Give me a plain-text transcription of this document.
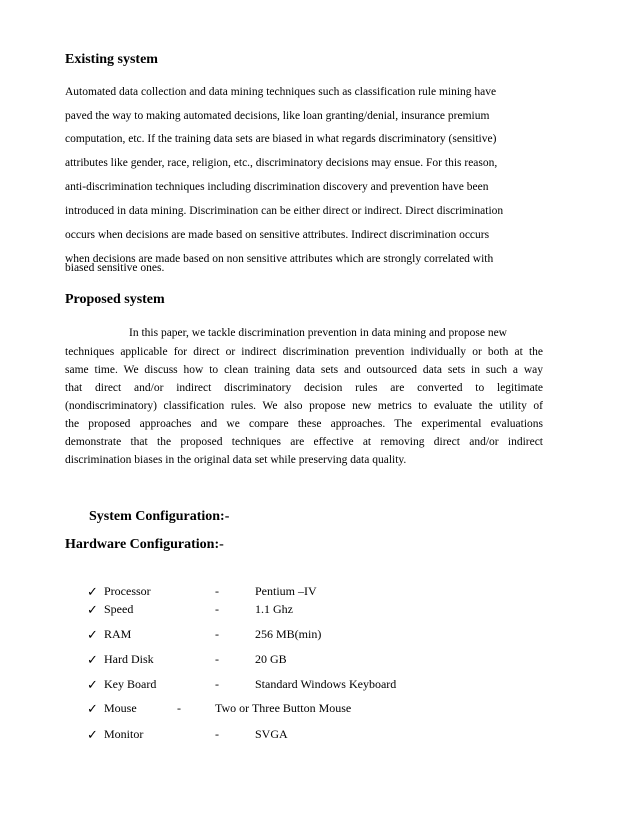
Existing system
Automated data collection and data mining techniques such as classification rule mining have
paved the way to making automated decisions, like loan granting/denial, insurance premium
computation, etc. If the training data sets are biased in what regards discriminatory (sensitive)
attributes like gender, race, religion, etc., discriminatory decisions may ensue. For this reason,
anti-discrimination techniques including discrimination discovery and prevention have been
introduced in data mining. Discrimination can be either direct or indirect. Direct discrimination
occurs when decisions are made based on sensitive attributes. Indirect discrimination occurs
when decisions are made based on non sensitive attributes which are strongly correlated with
biased sensitive ones.
Proposed system
In this paper, we tackle discrimination prevention in data mining and propose new
techniques applicable for direct or indirect discrimination prevention individually or both at the
same time. We discuss how to clean training data sets and outsourced data sets in such a way
that direct and/or indirect discriminatory decision rules are converted to legitimate
(nondiscriminatory) classification rules. We also propose new metrics to evaluate the utility of
the proposed approaches and we compare these approaches. The experimental evaluations
demonstrate that the proposed techniques are effective at removing direct and/or indirect
discrimination biases in the original data set while preserving data quality.
System Configuration:-
Hardware Configuration:-
✓ Processor	-	Pentium –IV
✓ Speed	-	1.1 Ghz
✓ RAM	-	256 MB(min)
✓ Hard Disk	-	20 GB
✓ Key Board	-	Standard Windows Keyboard
✓ Mouse	-	Two or Three Button Mouse
✓ Monitor	-	SVGA
